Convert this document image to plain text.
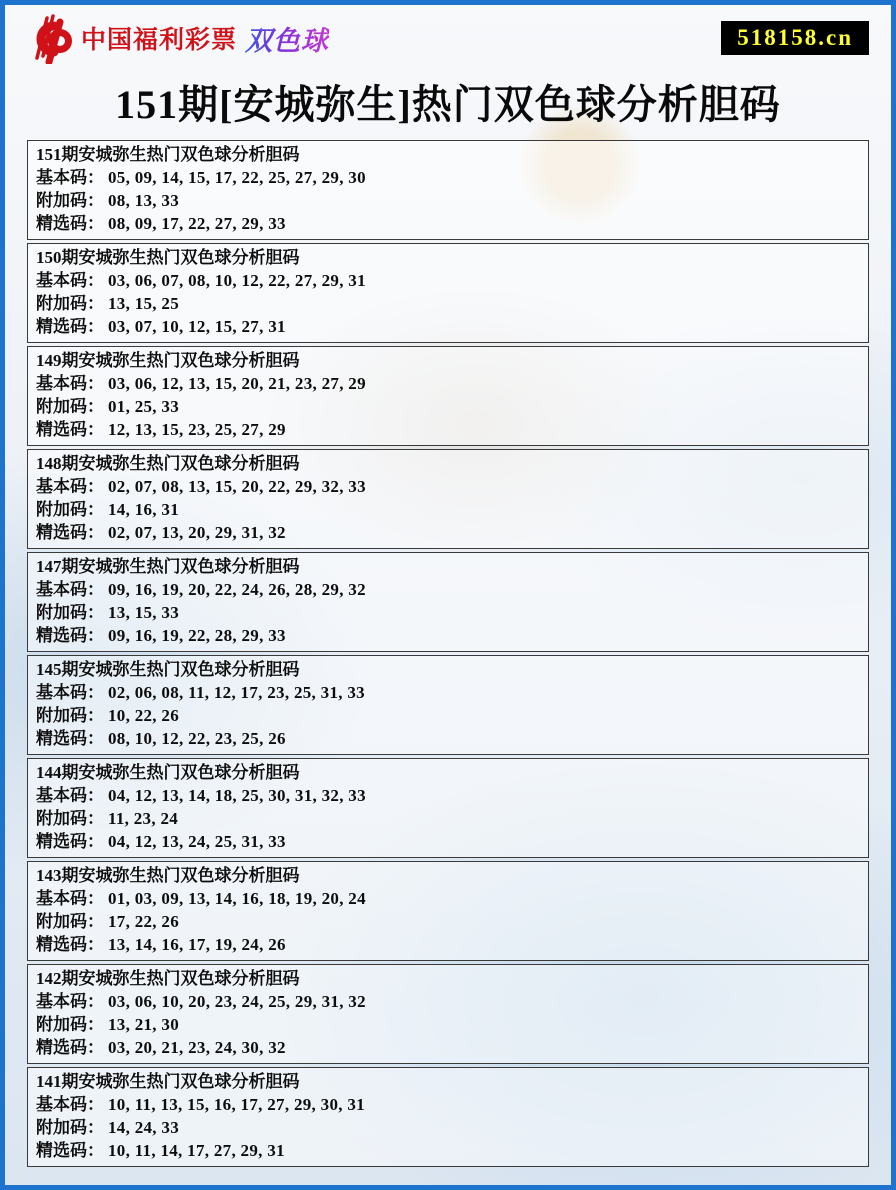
中国福利彩票 双色球	518158.cn
151期[安城弥生]热门双色球分析胆码
151期安城弥生热门双色球分析胆码
基本码： 05, 09, 14, 15, 17, 22, 25, 27, 29, 30
附加码： 08, 13, 33
精选码： 08, 09, 17, 22, 27, 29, 33
150期安城弥生热门双色球分析胆码
基本码： 03, 06, 07, 08, 10, 12, 22, 27, 29, 31
附加码： 13, 15, 25
精选码： 03, 07, 10, 12, 15, 27, 31
149期安城弥生热门双色球分析胆码
基本码： 03, 06, 12, 13, 15, 20, 21, 23, 27, 29
附加码： 01, 25, 33
精选码： 12, 13, 15, 23, 25, 27, 29
148期安城弥生热门双色球分析胆码
基本码： 02, 07, 08, 13, 15, 20, 22, 29, 32, 33
附加码： 14, 16, 31
精选码： 02, 07, 13, 20, 29, 31, 32
147期安城弥生热门双色球分析胆码
基本码： 09, 16, 19, 20, 22, 24, 26, 28, 29, 32
附加码： 13, 15, 33
精选码： 09, 16, 19, 22, 28, 29, 33
145期安城弥生热门双色球分析胆码
基本码： 02, 06, 08, 11, 12, 17, 23, 25, 31, 33
附加码： 10, 22, 26
精选码： 08, 10, 12, 22, 23, 25, 26
144期安城弥生热门双色球分析胆码
基本码： 04, 12, 13, 14, 18, 25, 30, 31, 32, 33
附加码： 11, 23, 24
精选码： 04, 12, 13, 24, 25, 31, 33
143期安城弥生热门双色球分析胆码
基本码： 01, 03, 09, 13, 14, 16, 18, 19, 20, 24
附加码： 17, 22, 26
精选码： 13, 14, 16, 17, 19, 24, 26
142期安城弥生热门双色球分析胆码
基本码： 03, 06, 10, 20, 23, 24, 25, 29, 31, 32
附加码： 13, 21, 30
精选码： 03, 20, 21, 23, 24, 30, 32
141期安城弥生热门双色球分析胆码
基本码： 10, 11, 13, 15, 16, 17, 27, 29, 30, 31
附加码： 14, 24, 33
精选码： 10, 11, 14, 17, 27, 29, 31
